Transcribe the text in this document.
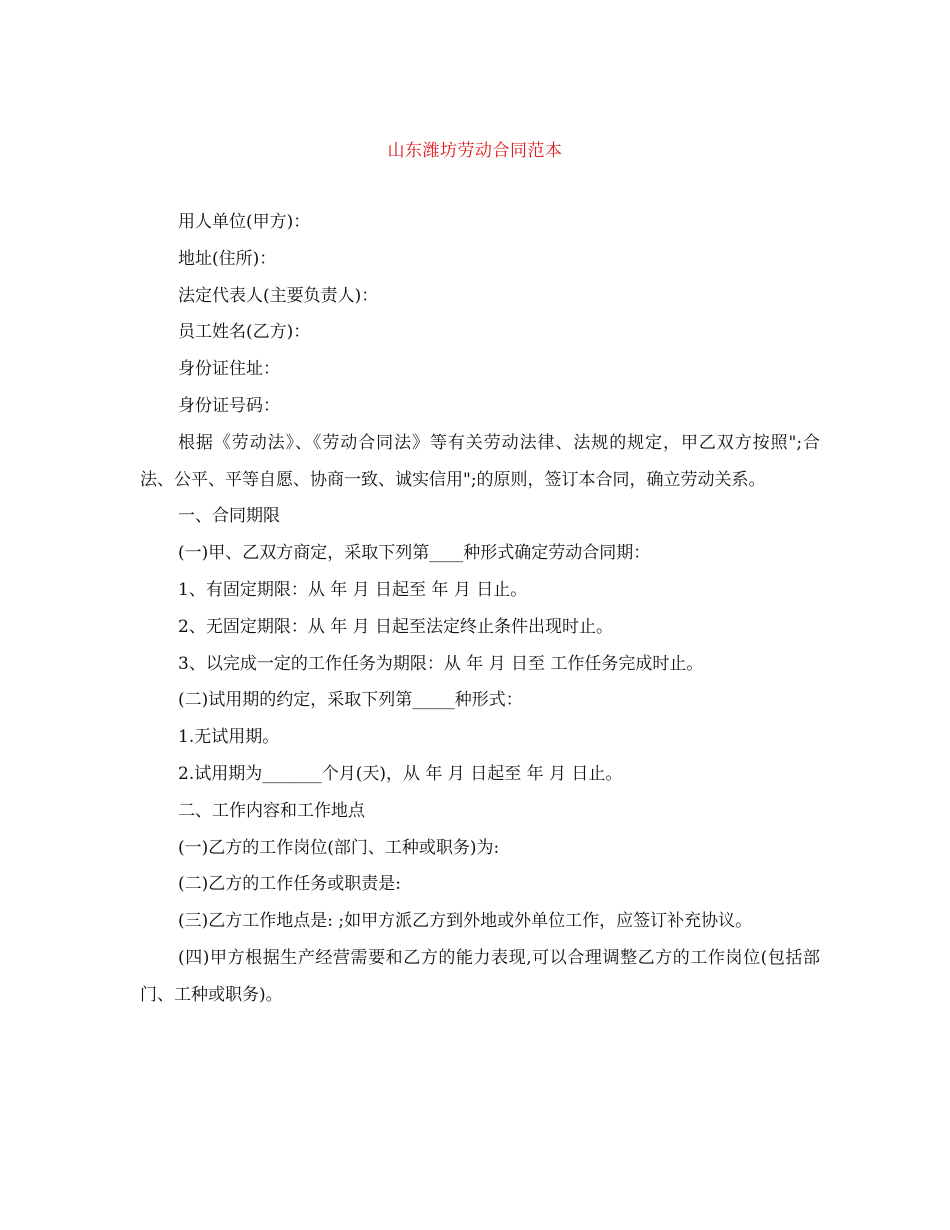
山东潍坊劳动合同范本

用人单位(甲方)：

地址(住所)：

法定代表人(主要负责人)：

员工姓名(乙方)：

身份证住址：

身份证号码：

根据《劳动法》、《劳动合同法》等有关劳动法律、法规的规定，甲乙双方按照";合法、公平、平等自愿、协商一致、诚实信用";的原则，签订本合同，确立劳动关系。

一、合同期限

(一)甲、乙双方商定，采取下列第____种形式确定劳动合同期：

1、有固定期限：从 年 月 日起至 年 月 日止。

2、无固定期限：从 年 月 日起至法定终止条件出现时止。

3、以完成一定的工作任务为期限：从 年 月 日至 工作任务完成时止。

(二)试用期的约定，采取下列第_____种形式：

1.无试用期。

2.试用期为_______个月(天)，从 年 月 日起至 年 月 日止。

二、工作内容和工作地点

(一)乙方的工作岗位(部门、工种或职务)为:

(二)乙方的工作任务或职责是:

(三)乙方工作地点是: ;如甲方派乙方到外地或外单位工作，应签订补充协议。

(四)甲方根据生产经营需要和乙方的能力表现,可以合理调整乙方的工作岗位(包括部门、工种或职务)。
